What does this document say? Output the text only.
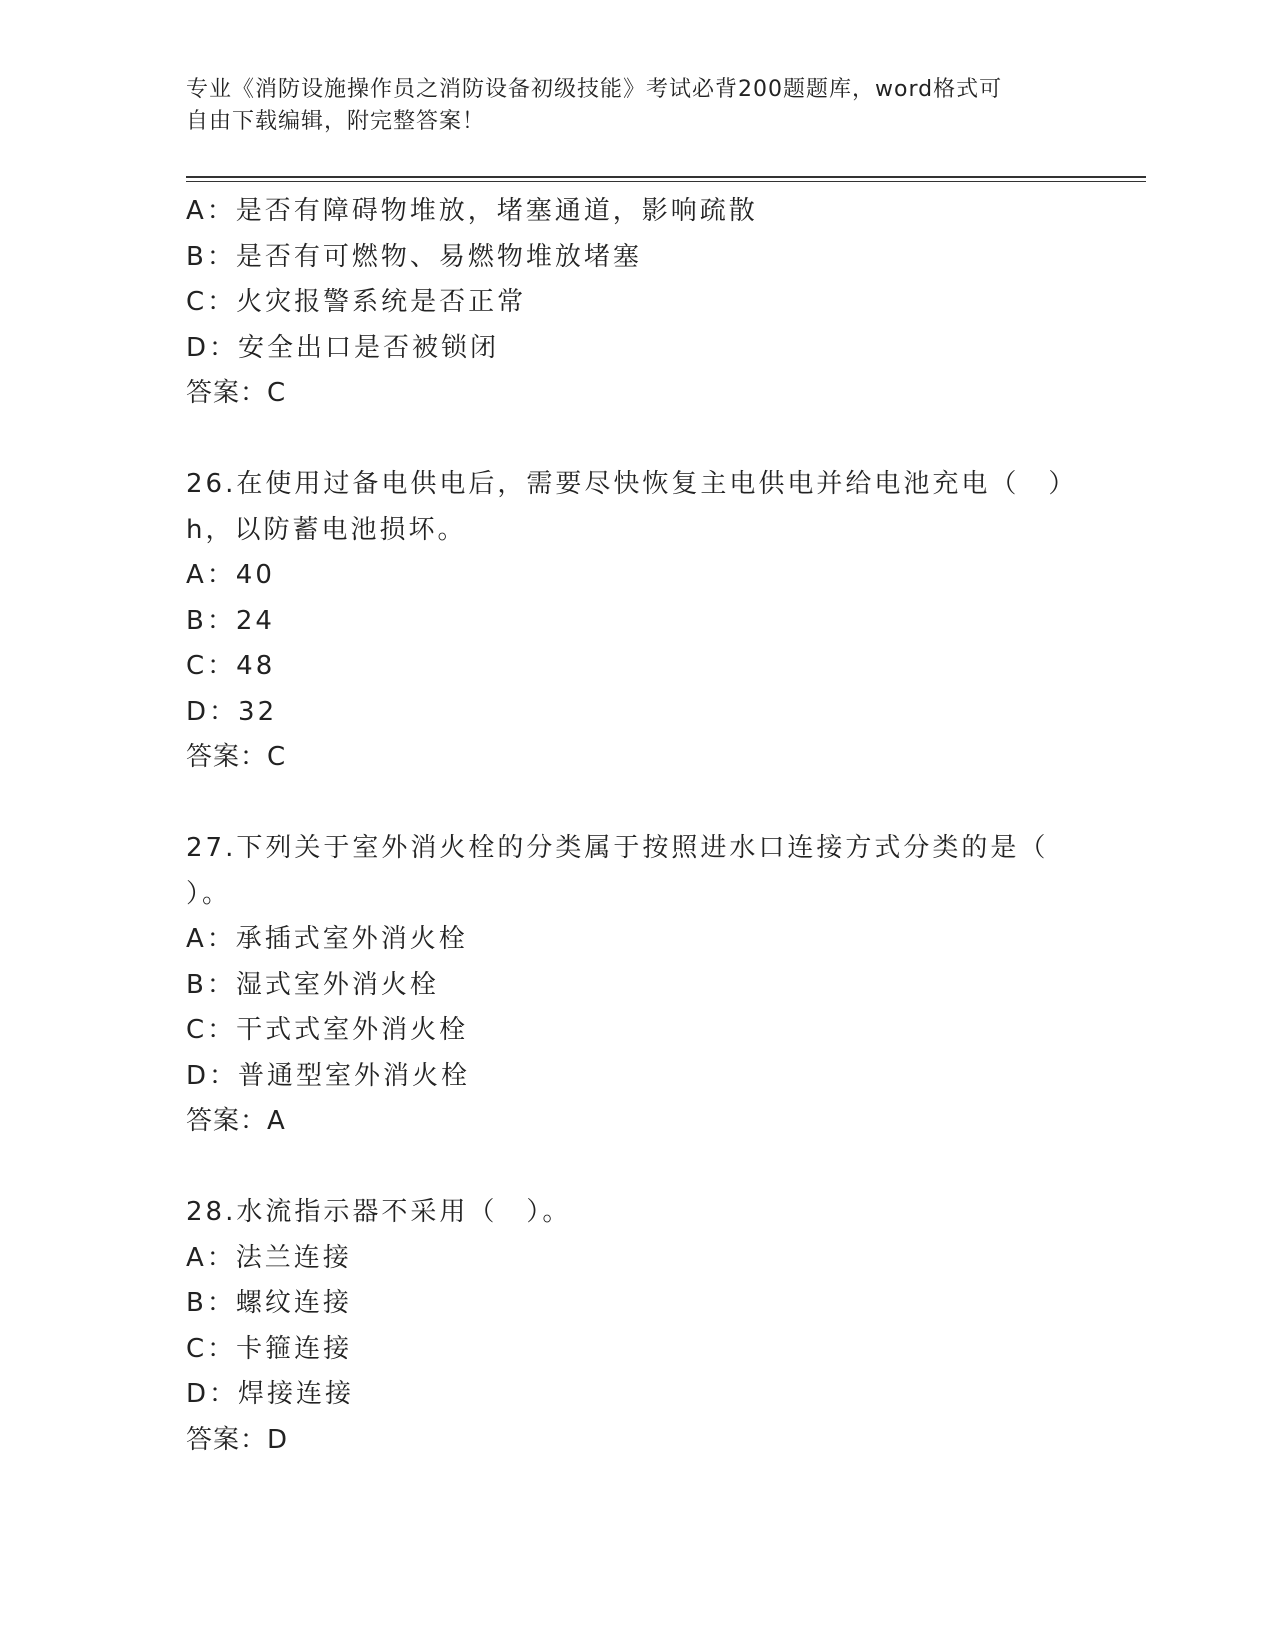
专业《消防设施操作员之消防设备初级技能》考试必背200题题库，word格式可
自由下载编辑，附完整答案！
A：是否有障碍物堆放，堵塞通道，影响疏散
B：是否有可燃物、易燃物堆放堵塞
C：火灾报警系统是否正常
D：安全出口是否被锁闭
答案：C
26.在使用过备电供电后，需要尽快恢复主电供电并给电池充电（　）
h，以防蓄电池损坏。
A：40
B：24
C：48
D：32
答案：C
27.下列关于室外消火栓的分类属于按照进水口连接方式分类的是（
）。
A：承插式室外消火栓
B：湿式室外消火栓
C：干式式室外消火栓
D：普通型室外消火栓
答案：A
28.水流指示器不采用（　）。
A：法兰连接
B：螺纹连接
C：卡箍连接
D：焊接连接
答案：D
